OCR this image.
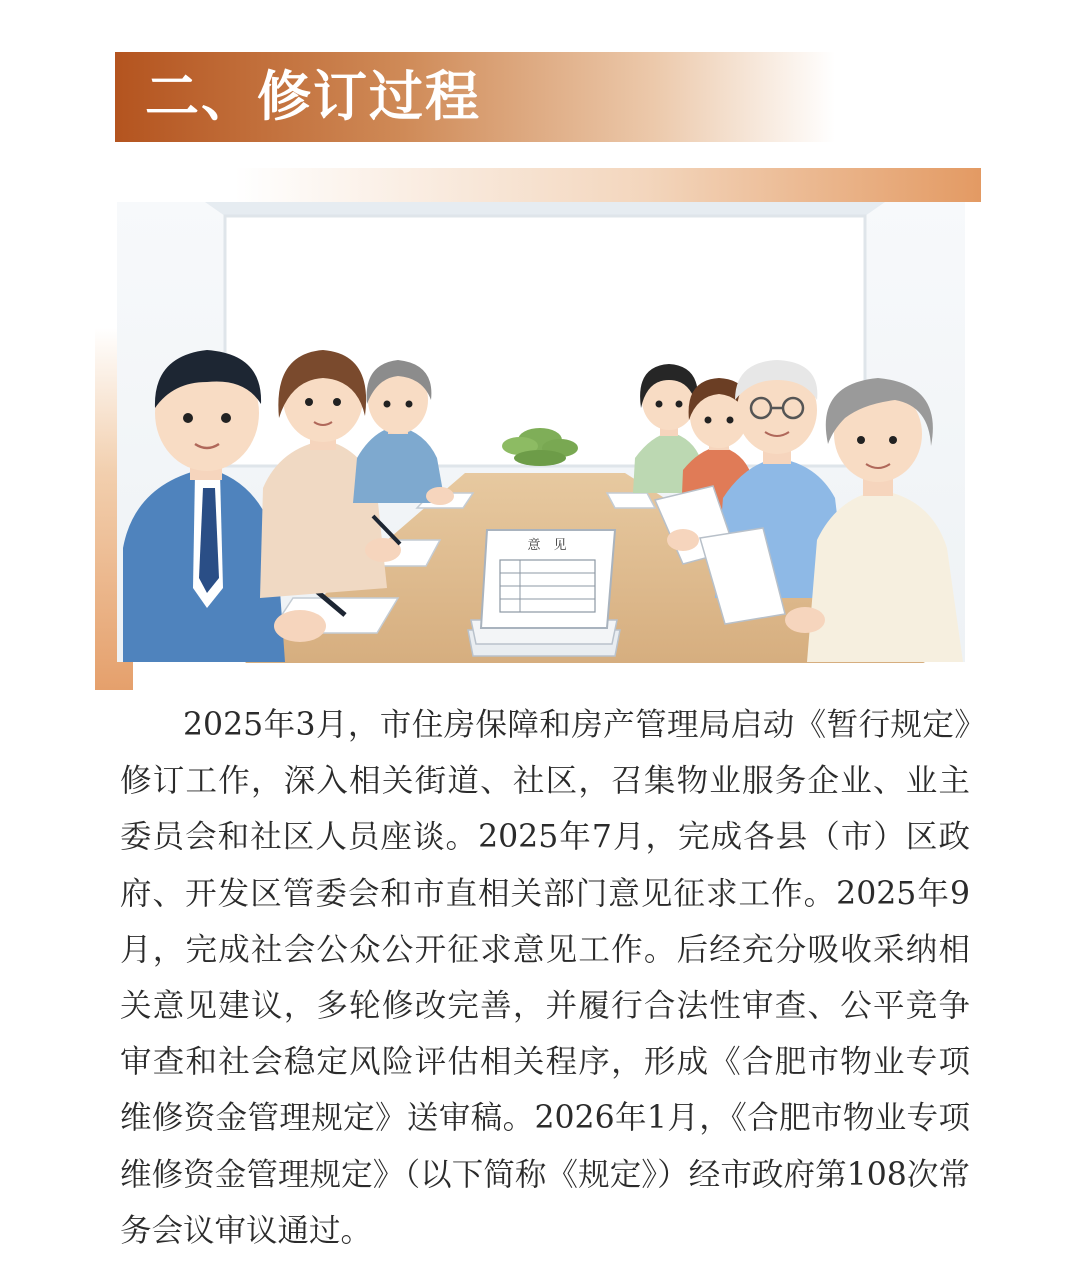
二、修订过程
意　见

2025年3月，市住房保障和房产管理局启动《暂行规定》修订工作，深入相关街道、社区，召集物业服务企业、业主委员会和社区人员座谈。2025年7月，完成各县（市）区政府、开发区管委会和市直相关部门意见征求工作。2025年9月，完成社会公众公开征求意见工作。后经充分吸收采纳相关意见建议，多轮修改完善，并履行合法性审查、公平竞争审查和社会稳定风险评估相关程序，形成《合肥市物业专项维修资金管理规定》送审稿。2026年1月，《合肥市物业专项维修资金管理规定》（以下简称《规定》）经市政府第108次常务会议审议通过。
